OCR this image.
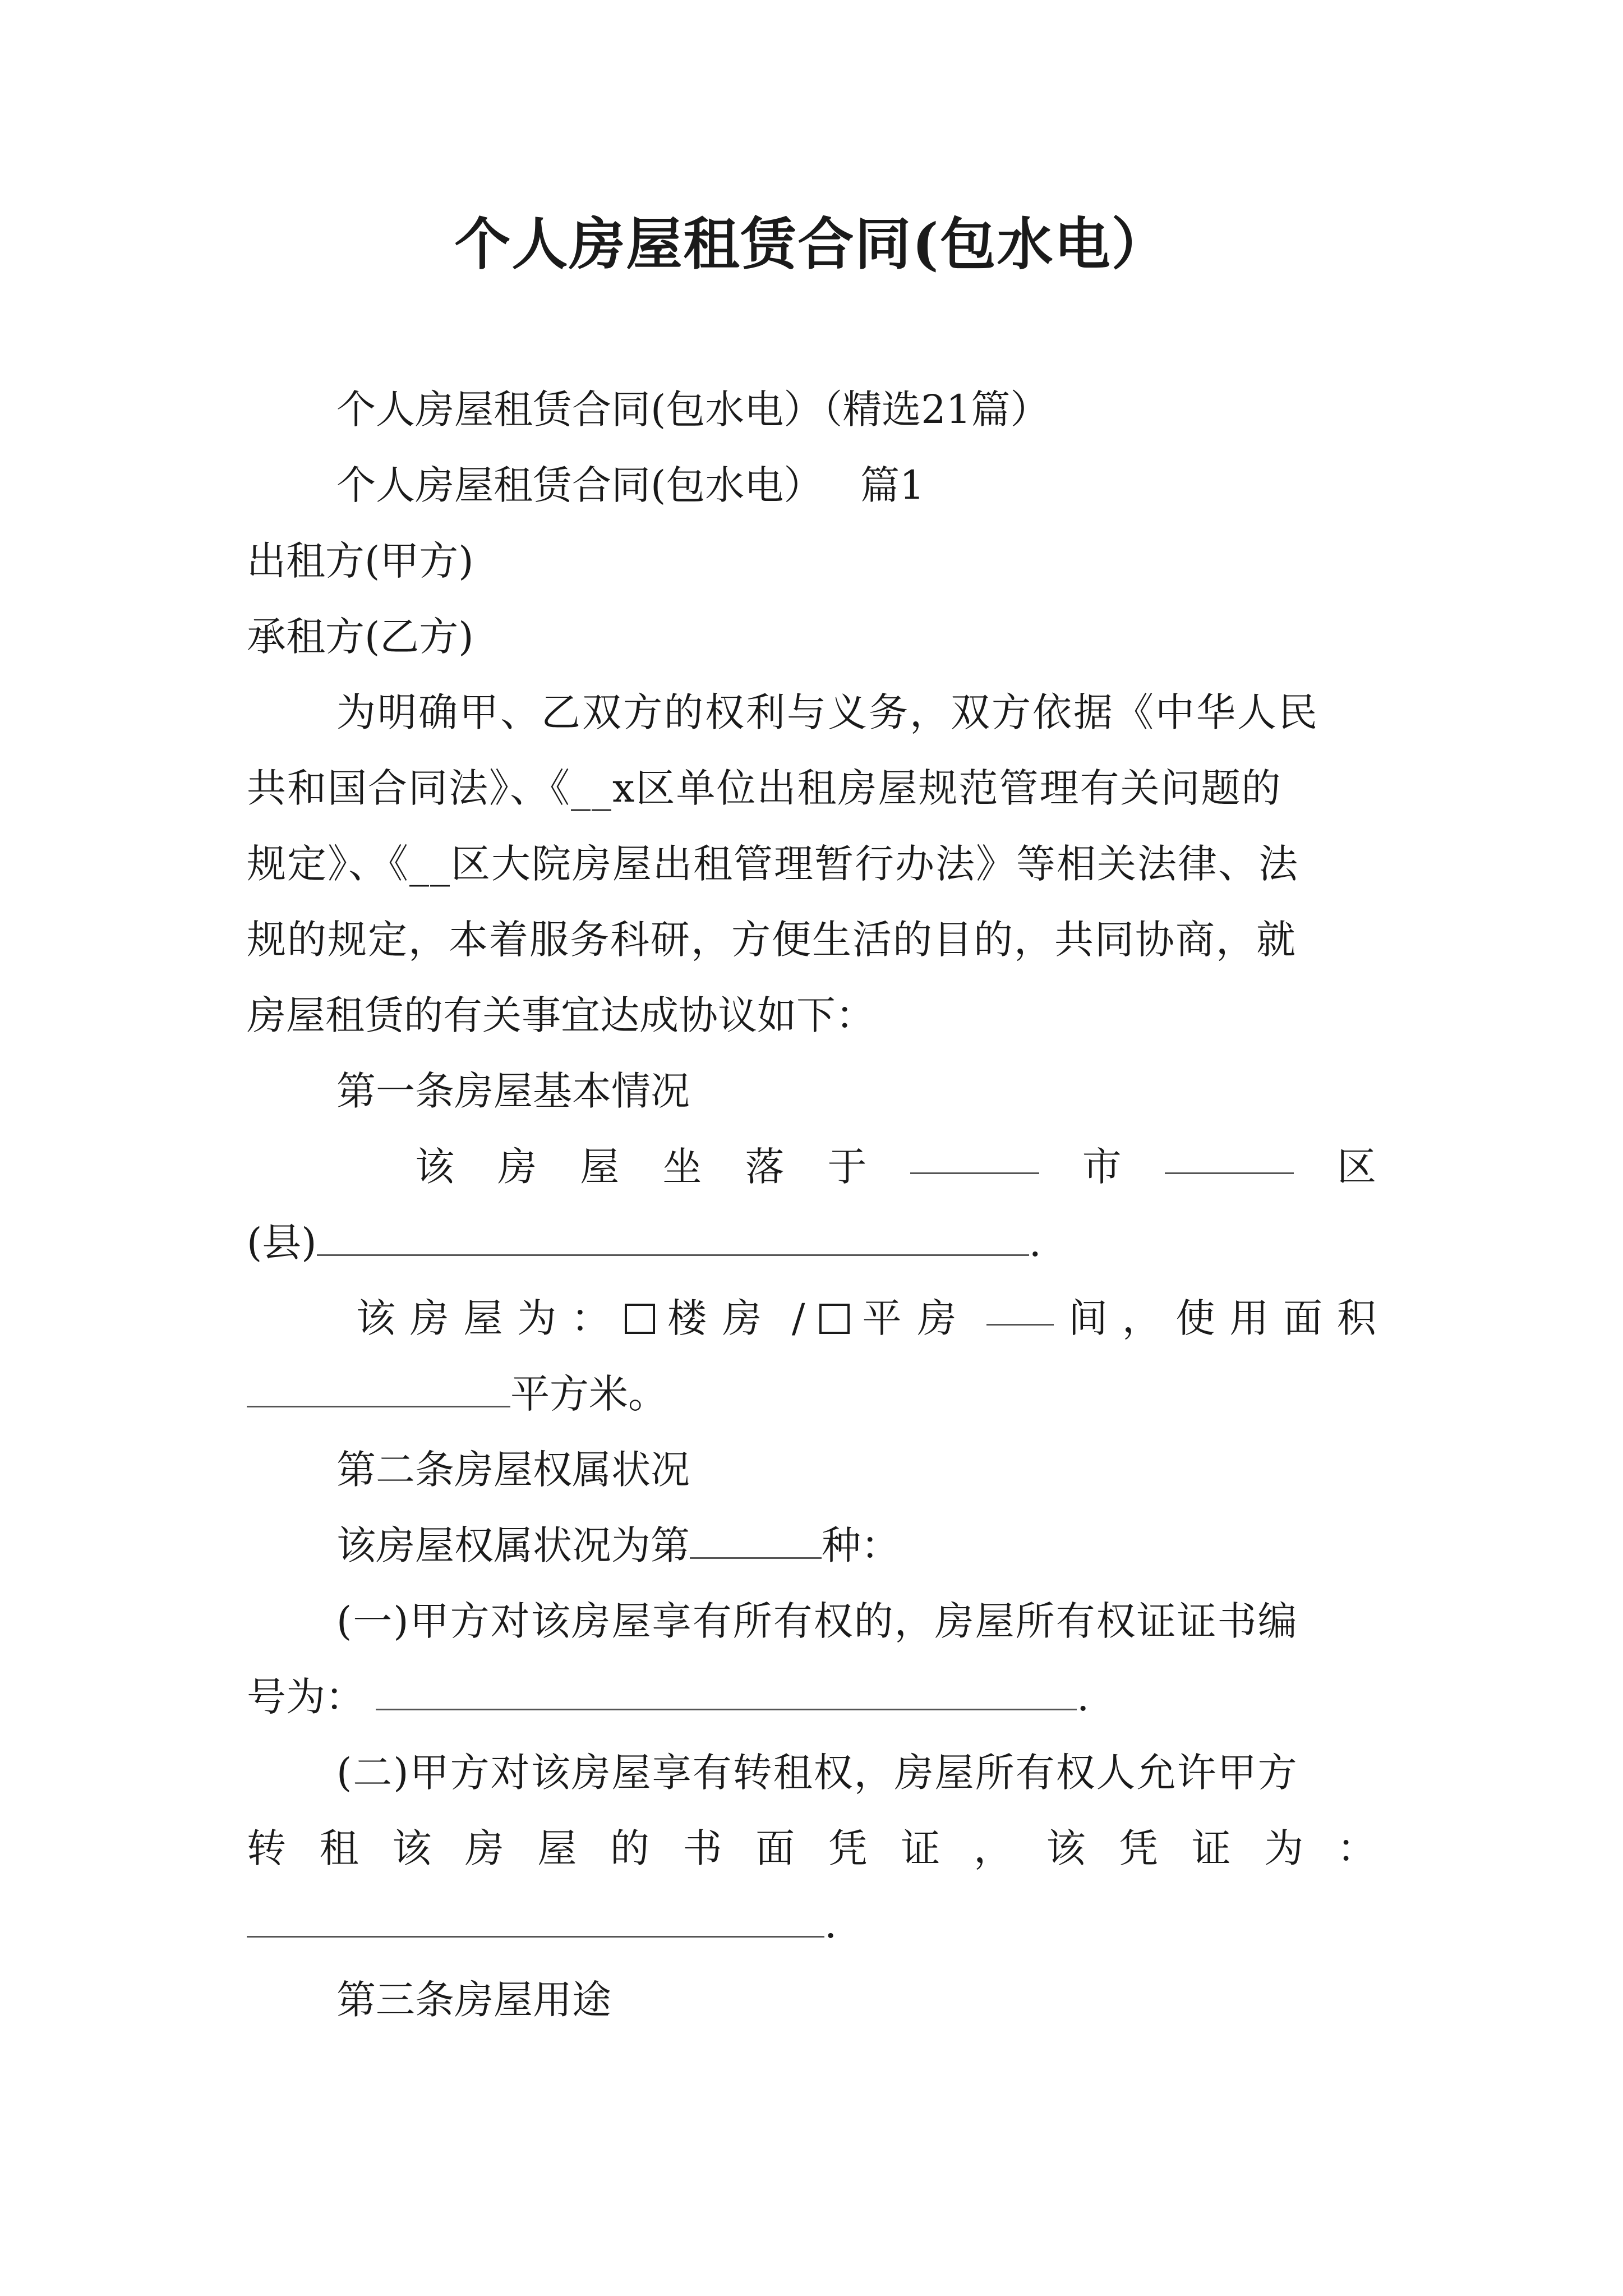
个人房屋租赁合同(包水电）
个人房屋租赁合同(包水电）（精选21篇）
个人房屋租赁合同(包水电）   篇1
出租方(甲方)
承租方(乙方)
为明确甲、乙双方的权利与义务，双方依据《中华人民
共和国合同法》、《__x区单位出租房屋规范管理有关问题的
规定》、《__区大院房屋出租管理暂行办法》等相关法律、法
规的规定，本着服务科研，方便生活的目的，共同协商，就
房屋租赁的有关事宜达成协议如下：
第一条房屋基本情况
该 房 屋 坐 落 于	市	区
(县)	.
该 房 屋 为 ：	楼房 /	平房 间 ， 使 用 面 积
平方米。
第二条房屋权属状况
该房屋权属状况为第	种：
(一)甲方对该房屋享有所有权的，房屋所有权证证书编
号为：	.
(二)甲方对该房屋享有转租权，房屋所有权人允许甲方
转 租 该 房 屋 的 书 面 凭 证 ， 该 凭 证 为 ：
.
第三条房屋用途
